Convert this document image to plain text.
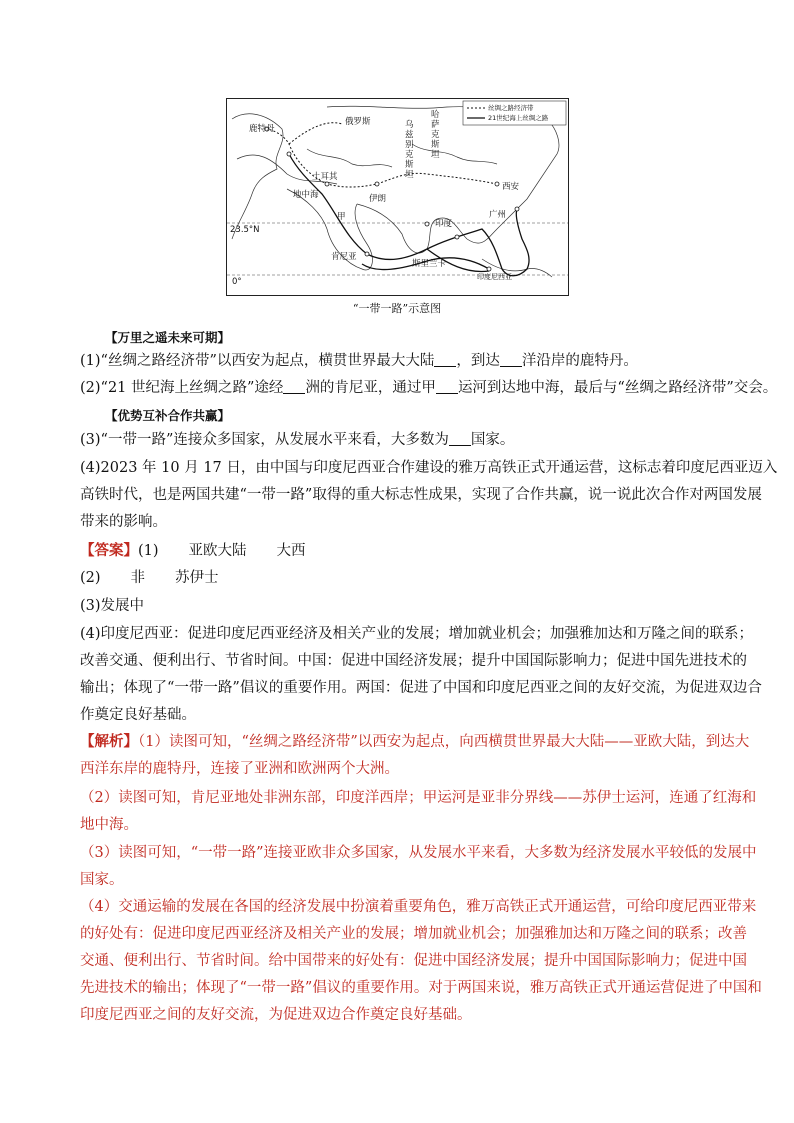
丝绸之路经济带
21世纪海上丝绸之路
鹿特丹
俄罗斯	乌
兹
别
克
斯
坦
哈
萨
克
斯
坦
土耳其
地中海	伊朗
西安
甲
印度
广州
23.5°N
肯尼亚
斯里兰卡
印度尼西亚
0°
“一带一路”示意图
【万里之遥未来可期】
(1)“丝绸之路经济带”以西安为起点，横贯世界最大大陆 ，到达 洋沿岸的鹿特丹。
(2)“21 世纪海上丝绸之路”途经 洲的肯尼亚，通过甲 运河到达地中海，最后与“丝绸之路经济带”交会。
【优势互补合作共赢】
(3)“一带一路”连接众多国家，从发展水平来看，大多数为 国家。
(4)2023 年 10 月 17 日，由中国与印度尼西亚合作建设的雅万高铁正式开通运营，这标志着印度尼西亚迈入
高铁时代，也是两国共建“一带一路”取得的重大标志性成果，实现了合作共赢，说一说此次合作对两国发展
带来的影响。
【答案】(1) 亚欧大陆 大西
(2) 非 苏伊士
(3)发展中
(4)印度尼西亚：促进印度尼西亚经济及相关产业的发展；增加就业机会；加强雅加达和万隆之间的联系；
改善交通、便利出行、节省时间。中国：促进中国经济发展；提升中国国际影响力；促进中国先进技术的
输出；体现了“一带一路”倡议的重要作用。两国：促进了中国和印度尼西亚之间的友好交流，为促进双边合
作奠定良好基础。
【解析】（1）读图可知，“丝绸之路经济带”以西安为起点，向西横贯世界最大大陆——亚欧大陆，到达大
西洋东岸的鹿特丹，连接了亚洲和欧洲两个大洲。
（2）读图可知，肯尼亚地处非洲东部，印度洋西岸；甲运河是亚非分界线——苏伊士运河，连通了红海和
地中海。
（3）读图可知，“一带一路”连接亚欧非众多国家，从发展水平来看，大多数为经济发展水平较低的发展中
国家。
（4）交通运输的发展在各国的经济发展中扮演着重要角色，雅万高铁正式开通运营，可给印度尼西亚带来
的好处有：促进印度尼西亚经济及相关产业的发展；增加就业机会；加强雅加达和万隆之间的联系；改善
交通、便利出行、节省时间。给中国带来的好处有：促进中国经济发展；提升中国国际影响力；促进中国
先进技术的输出；体现了“一带一路”倡议的重要作用。对于两国来说，雅万高铁正式开通运营促进了中国和
印度尼西亚之间的友好交流，为促进双边合作奠定良好基础。
